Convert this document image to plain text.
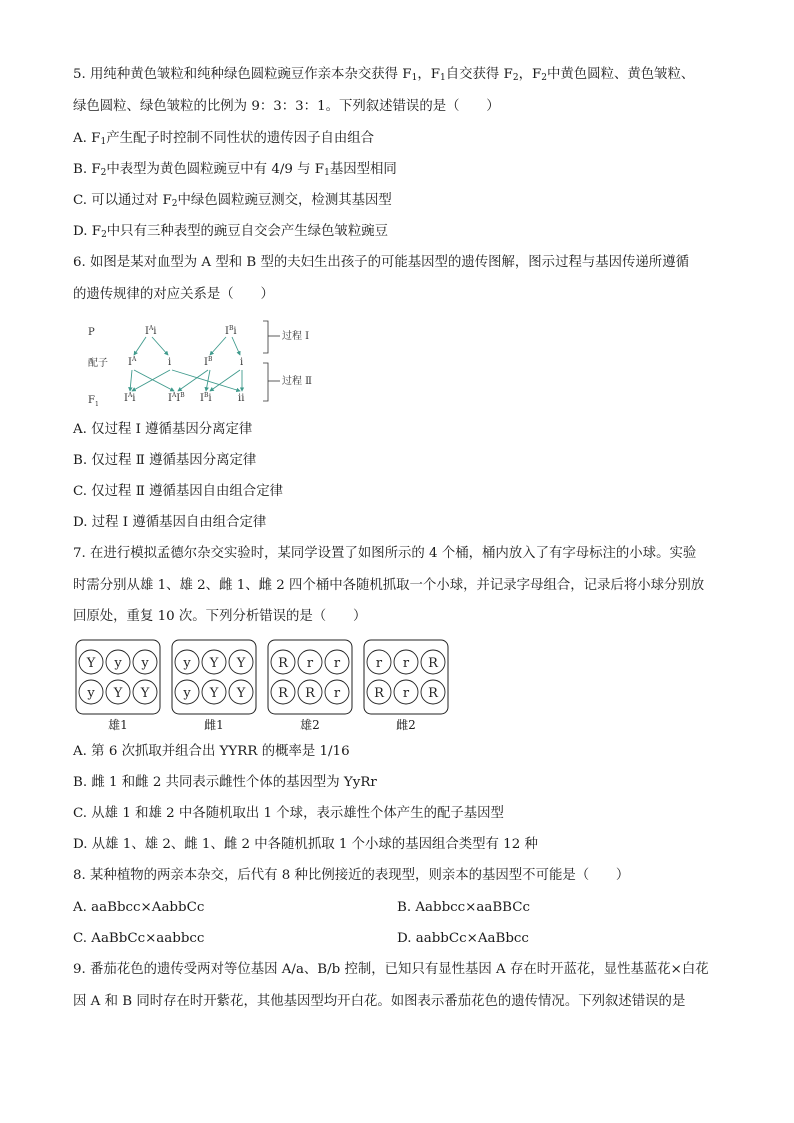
5. 用纯种黄色皱粒和纯种绿色圆粒豌豆作亲本杂交获得 $F_1$，$F_1$自交获得 $F_2$，$F_2$中黄色圆粒、黄色皱粒、
绿色圆粒、绿色皱粒的比例为 9：3：3：1。下列叙述错误的是（　　）
A. $F_1$产生配子时控制不同性状的遗传因子自由组合
B. $F_2$中表型为黄色圆粒豌豆中有 4/9 与 $F_1$基因型相同
C. 可以通过对 $F_2$中绿色圆粒豌豆测交，检测其基因型
D. $F_2$中只有三种表型的豌豆自交会产生绿色皱粒豌豆
6. 如图是某对血型为 A 型和 B 型的夫妇生出孩子的可能基因型的遗传图解，图示过程与基因传递所遵循
的遗传规律的对应关系是（　　）
P
配子
$F_1$
$I^Ai$	$I^Bi$
$I^A$	i	$I^B$	i
$I^Ai$	$I^AI^B$ $I^Bi$	ii
过程 I
过程 Ⅱ
A. 仅过程 Ⅰ 遵循基因分离定律
B. 仅过程 Ⅱ 遵循基因分离定律
C. 仅过程 Ⅱ 遵循基因自由组合定律
D. 过程 Ⅰ 遵循基因自由组合定律
7. 在进行模拟孟德尔杂交实验时，某同学设置了如图所示的 4 个桶，桶内放入了有字母标注的小球。实验
时需分别从雄 1、雄 2、雌 1、雌 2 四个桶中各随机抓取一个小球，并记录字母组合，记录后将小球分别放
回原处，重复 10 次。下列分析错误的是（　　）
Y y y
y Y Y
雄1
y Y Y
y Y Y
雌1
R r r
R R r
雄2
r r R
R r R
雌2
A. 第 6 次抓取并组合出 YYRR 的概率是 1/16
B. 雌 1 和雌 2 共同表示雌性个体的基因型为 YyRr
C. 从雄 1 和雄 2 中各随机取出 1 个球，表示雄性个体产生的配子基因型
D. 从雄 1、雄 2、雌 1、雌 2 中各随机抓取 1 个小球的基因组合类型有 12 种
8. 某种植物的两亲本杂交，后代有 8 种比例接近的表现型，则亲本的基因型不可能是（　　）
A. aaBbcc×AabbCc	B. Aabbcc×aaBBCc
C. AaBbCc×aabbcc	D. aabbCc×AaBbcc
9. 番茄花色的遗传受两对等位基因 A/a、B/b 控制，已知只有显性基因 A 存在时开蓝花，显性基蓝花×白花
因 A 和 B 同时存在时开紫花，其他基因型均开白花。如图表示番茄花色的遗传情况。下列叙述错误的是
